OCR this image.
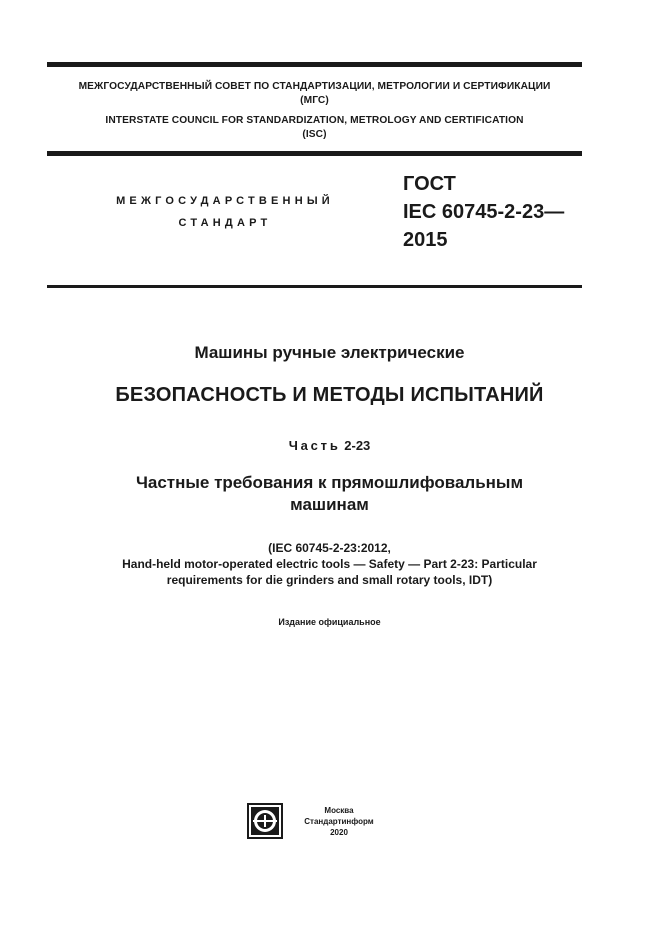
МЕЖГОСУДАРСТВЕННЫЙ СОВЕТ ПО СТАНДАРТИЗАЦИИ, МЕТРОЛОГИИ И СЕРТИФИКАЦИИ
(МГС)
INTERSTATE COUNCIL FOR STANDARDIZATION, METROLOGY AND CERTIFICATION
(ISC)
МЕЖГОСУДАРСТВЕННЫЙ
СТАНДАРТ
ГОСТ
IEC 60745-2-23—
2015
Машины ручные электрические
БЕЗОПАСНОСТЬ И МЕТОДЫ ИСПЫТАНИЙ
Часть 2-23
Частные требования к прямошлифовальным
машинам
(IEC 60745-2-23:2012,
Hand-held motor-operated electric tools — Safety — Part 2-23: Particular
requirements for die grinders and small rotary tools, IDT)
Издание официальное
Москва
Стандартинформ
2020
